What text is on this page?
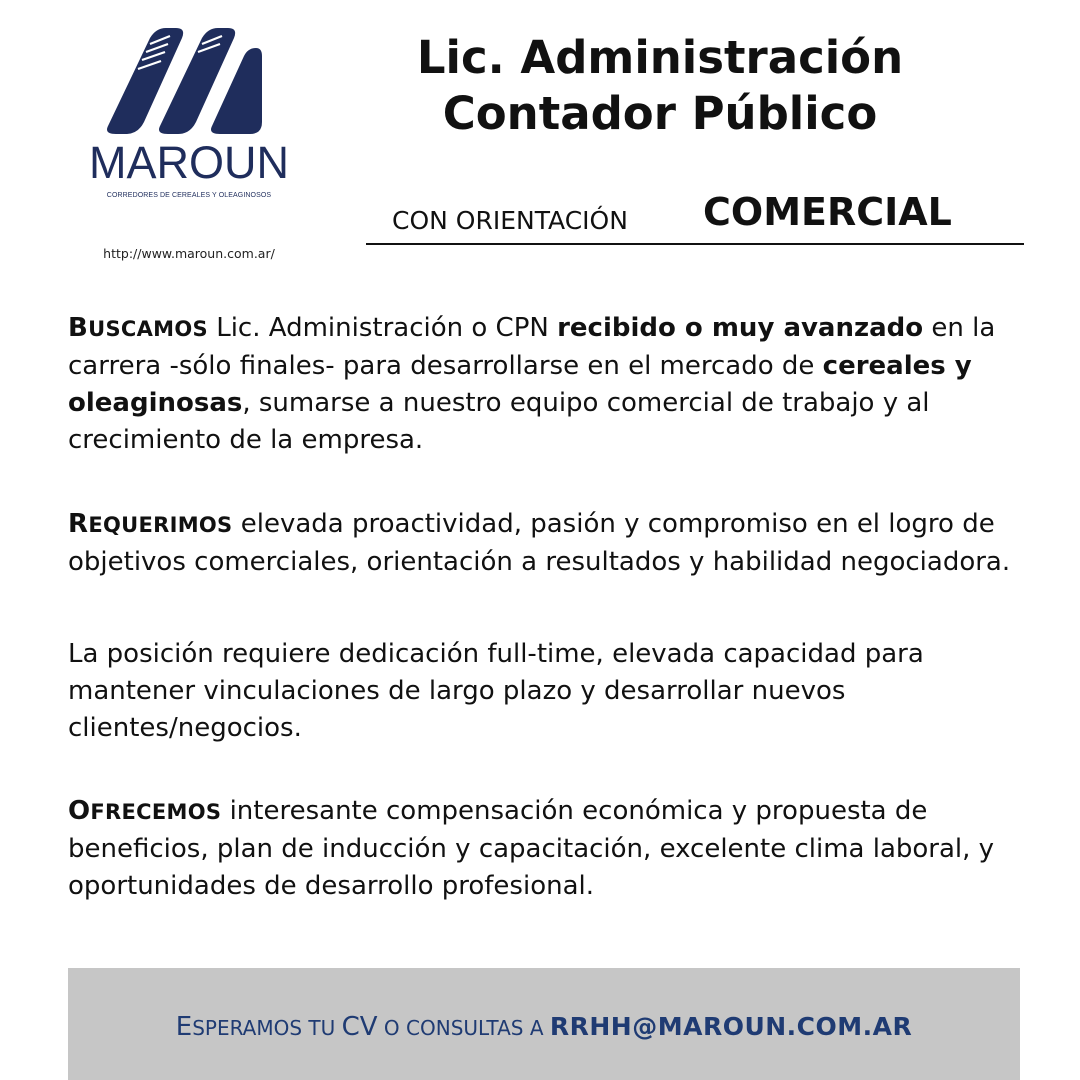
MAROUN
CORREDORES DE CEREALES Y OLEAGINOSOS
http://www.maroun.com.ar/
Lic. Administración
Contador Público
CON ORIENTACIÓN COMERCIAL

BUSCAMOS Lic. Administración o CPN recibido o muy avanzado en la carrera -sólo finales- para desarrollarse en el mercado de cereales y oleaginosas, sumarse a nuestro equipo comercial de trabajo y al crecimiento de la empresa.

REQUERIMOS elevada proactividad, pasión y compromiso en el logro de objetivos comerciales, orientación a resultados y habilidad negociadora.

La posición requiere dedicación full-time, elevada capacidad para mantener vinculaciones de largo plazo y desarrollar nuevos clientes/negocios.

OFRECEMOS interesante compensación económica y propuesta de beneficios, plan de inducción y capacitación, excelente clima laboral, y oportunidades de desarrollo profesional.

ESPERAMOS TU CV O CONSULTAS A RRHH@MAROUN.COM.AR
